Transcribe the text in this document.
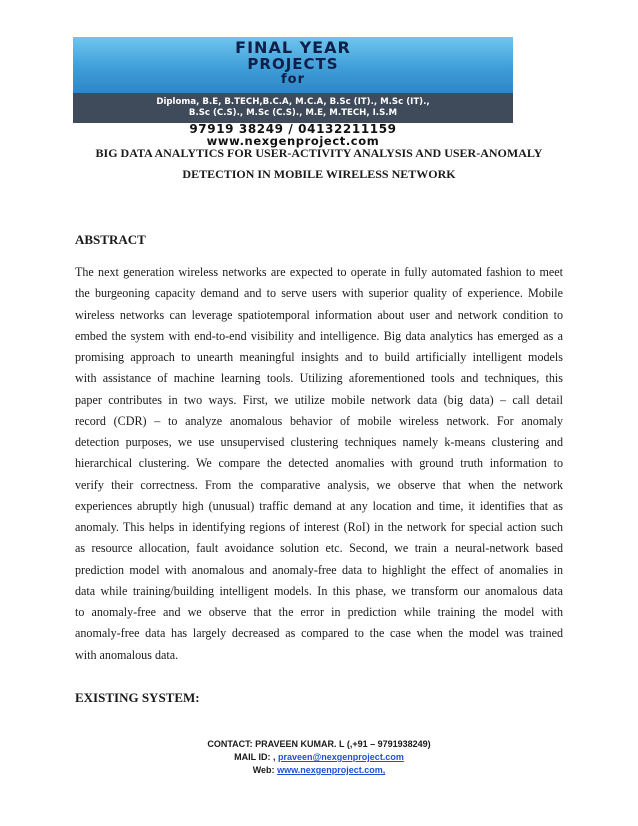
FINAL YEAR
PROJECTS
for
Diploma, B.E, B.TECH,B.C.A, M.C.A, B.Sc (IT)., M.Sc (IT).,
B.Sc (C.S)., M.Sc (C.S)., M.E, M.TECH, I.S.M
97919 38249 / 04132211159
www.nexgenproject.com
BIG DATA ANALYTICS FOR USER-ACTIVITY ANALYSIS AND USER-ANOMALY
DETECTION IN MOBILE WIRELESS NETWORK
ABSTRACT
The next generation wireless networks are expected to operate in fully automated fashion to meet
the burgeoning capacity demand and to serve users with superior quality of experience. Mobile
wireless networks can leverage spatiotemporal information about user and network condition to
embed the system with end-to-end visibility and intelligence. Big data analytics has emerged as a
promising approach to unearth meaningful insights and to build artificially intelligent models
with assistance of machine learning tools. Utilizing aforementioned tools and techniques, this
paper contributes in two ways. First, we utilize mobile network data (big data) – call detail
record (CDR) – to analyze anomalous behavior of mobile wireless network. For anomaly
detection purposes, we use unsupervised clustering techniques namely k-means clustering and
hierarchical clustering. We compare the detected anomalies with ground truth information to
verify their correctness. From the comparative analysis, we observe that when the network
experiences abruptly high (unusual) traffic demand at any location and time, it identifies that as
anomaly. This helps in identifying regions of interest (RoI) in the network for special action such
as resource allocation, fault avoidance solution etc. Second, we train a neural-network based
prediction model with anomalous and anomaly-free data to highlight the effect of anomalies in
data while training/building intelligent models. In this phase, we transform our anomalous data
to anomaly-free and we observe that the error in prediction while training the model with
anomaly-free data has largely decreased as compared to the case when the model was trained
with anomalous data.
EXISTING SYSTEM:
CONTACT: PRAVEEN KUMAR. L (,+91 – 9791938249)
MAIL ID: , praveen@nexgenproject.com
Web: www.nexgenproject.com,
